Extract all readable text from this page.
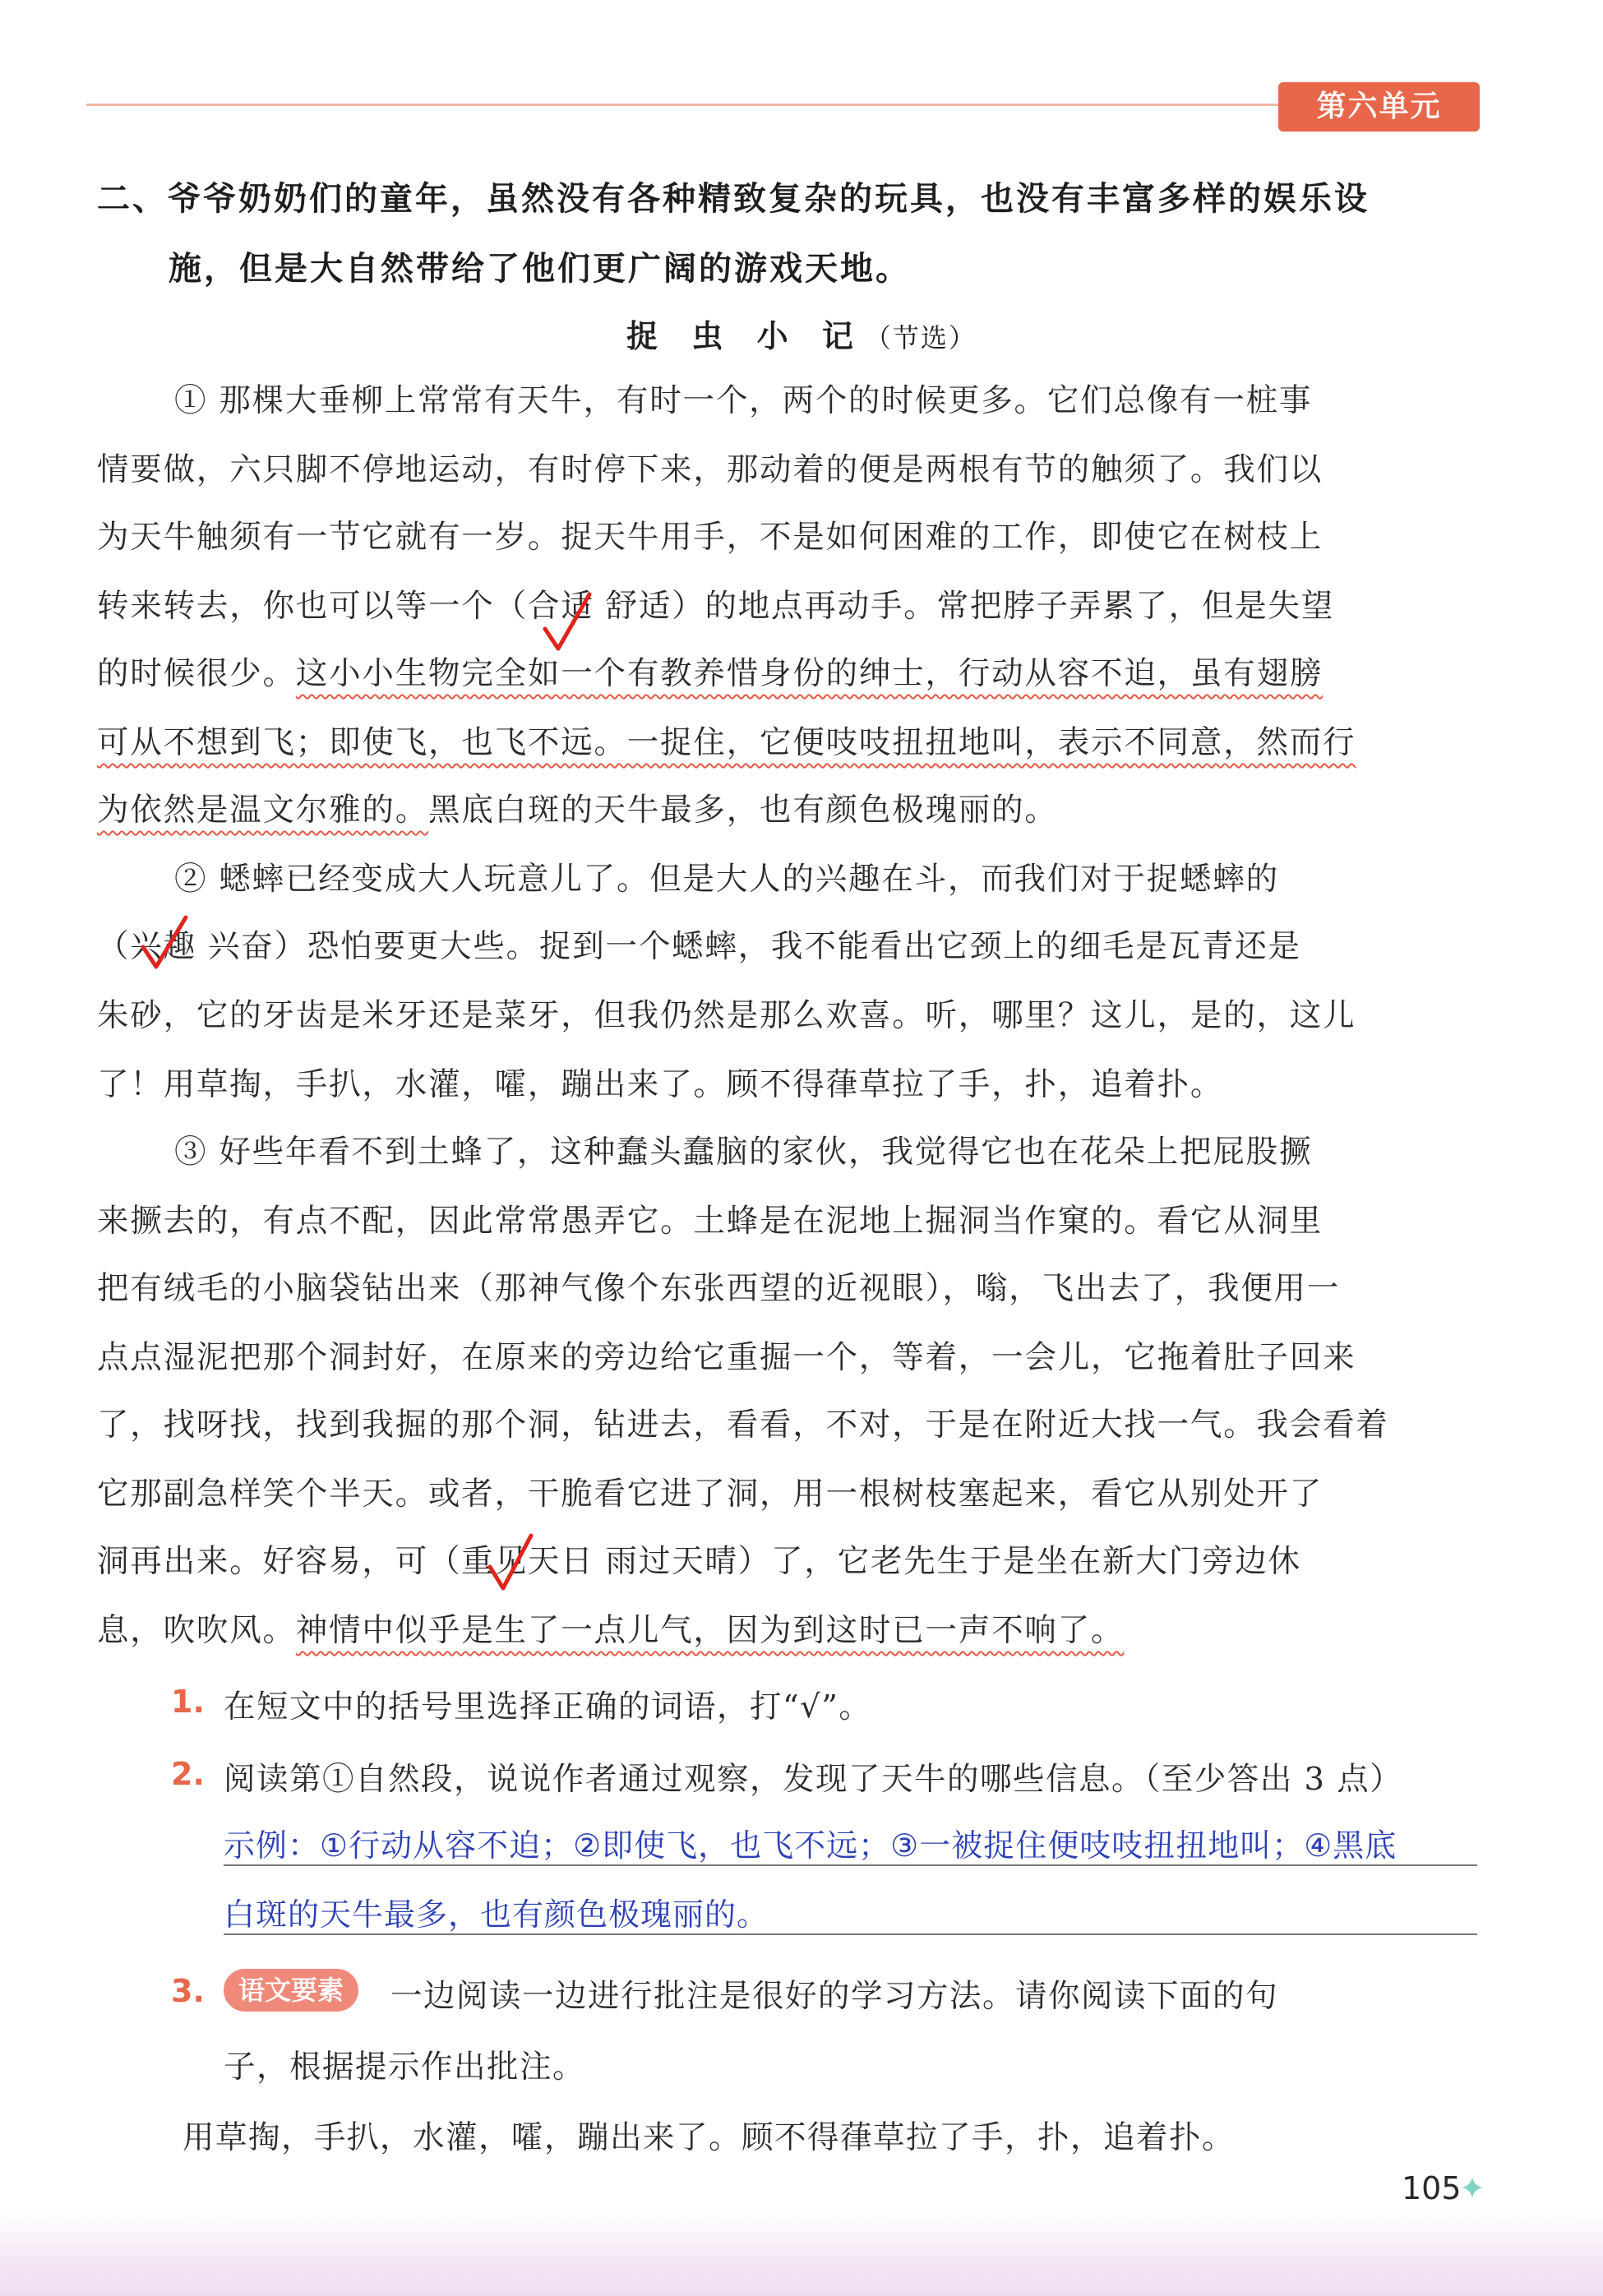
第六单元
二、爷爷奶奶们的童年，虽然没有各种精致复杂的玩具，也没有丰富多样的娱乐设
施，但是大自然带给了他们更广阔的游戏天地。
捉 虫 小 记（节选）
① 那棵大垂柳上常常有天牛，有时一个，两个的时候更多。它们总像有一桩事
情要做，六只脚不停地运动，有时停下来，那动着的便是两根有节的触须了。我们以
为天牛触须有一节它就有一岁。捉天牛用手，不是如何困难的工作，即使它在树枝上
转来转去，你也可以等一个（合适 舒适）的地点再动手。常把脖子弄累了，但是失望
的时候很少。这小小生物完全如一个有教养惜身份的绅士，行动从容不迫，虽有翅膀
可从不想到飞；即使飞，也飞不远。一捉住，它便吱吱扭扭地叫，表示不同意，然而行
为依然是温文尔雅的。黑底白斑的天牛最多，也有颜色极瑰丽的。
② 蟋蟀已经变成大人玩意儿了。但是大人的兴趣在斗，而我们对于捉蟋蟀的
（兴趣 兴奋）恐怕要更大些。捉到一个蟋蟀，我不能看出它颈上的细毛是瓦青还是
朱砂，它的牙齿是米牙还是菜牙，但我仍然是那么欢喜。听，哪里？这儿，是的，这儿
了！用草掏，手扒，水灌，嚯，蹦出来了。顾不得葎草拉了手，扑，追着扑。
③ 好些年看不到土蜂了，这种蠢头蠢脑的家伙，我觉得它也在花朵上把屁股撅
来撅去的，有点不配，因此常常愚弄它。土蜂是在泥地上掘洞当作窠的。看它从洞里
把有绒毛的小脑袋钻出来（那神气像个东张西望的近视眼），嗡，飞出去了，我便用一
点点湿泥把那个洞封好，在原来的旁边给它重掘一个，等着，一会儿，它拖着肚子回来
了，找呀找，找到我掘的那个洞，钻进去，看看，不对，于是在附近大找一气。我会看着
它那副急样笑个半天。或者，干脆看它进了洞，用一根树枝塞起来，看它从别处开了
洞再出来。好容易，可（重见天日 雨过天晴）了，它老先生于是坐在新大门旁边休
息，吹吹风。神情中似乎是生了一点儿气，因为到这时已一声不响了。
1. 在短文中的括号里选择正确的词语，打“√”。
2. 阅读第①自然段，说说作者通过观察，发现了天牛的哪些信息。（至少答出 3 点）
示例：①行动从容不迫；②即使飞，也飞不远；③一被捉住便吱吱扭扭地叫；④黑底
白斑的天牛最多，也有颜色极瑰丽的。
3.	语文要素	一边阅读一边进行批注是很好的学习方法。请你阅读下面的句
子，根据提示作出批注。
用草掏，手扒，水灌，嚯，蹦出来了。顾不得葎草拉了手，扑，追着扑。
105
✦
